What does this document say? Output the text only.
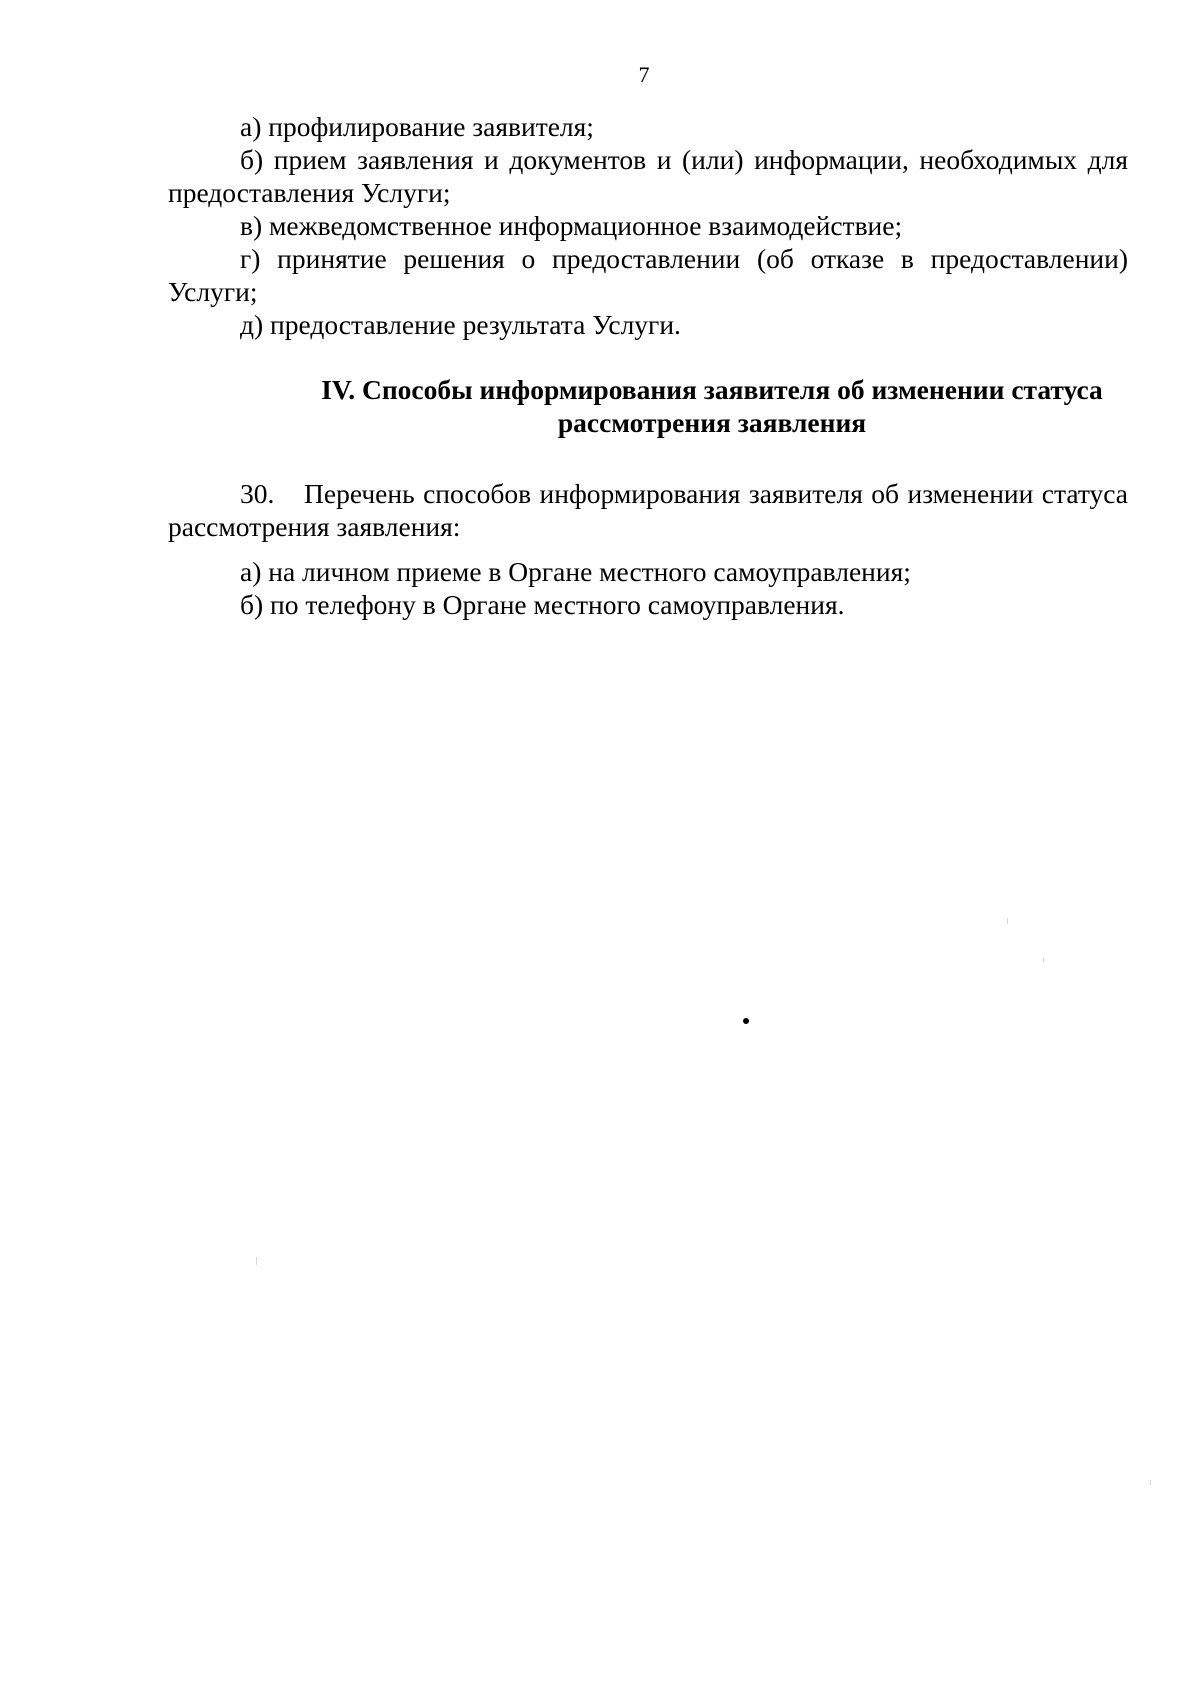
7

а) профилирование заявителя;

б) прием заявления и документов и (или) информации, необходимых для предоставления Услуги;

в) межведомственное информационное взаимодействие;

г) принятие решения о предоставлении (об отказе в предоставлении) Услуги;

д) предоставление результата Услуги.

IV. Способы информирования заявителя об изменении статуса
рассмотрения заявления

30. Перечень способов информирования заявителя об изменении статуса рассмотрения заявления:

а) на личном приеме в Органе местного самоуправления;

б) по телефону в Органе местного самоуправления.
